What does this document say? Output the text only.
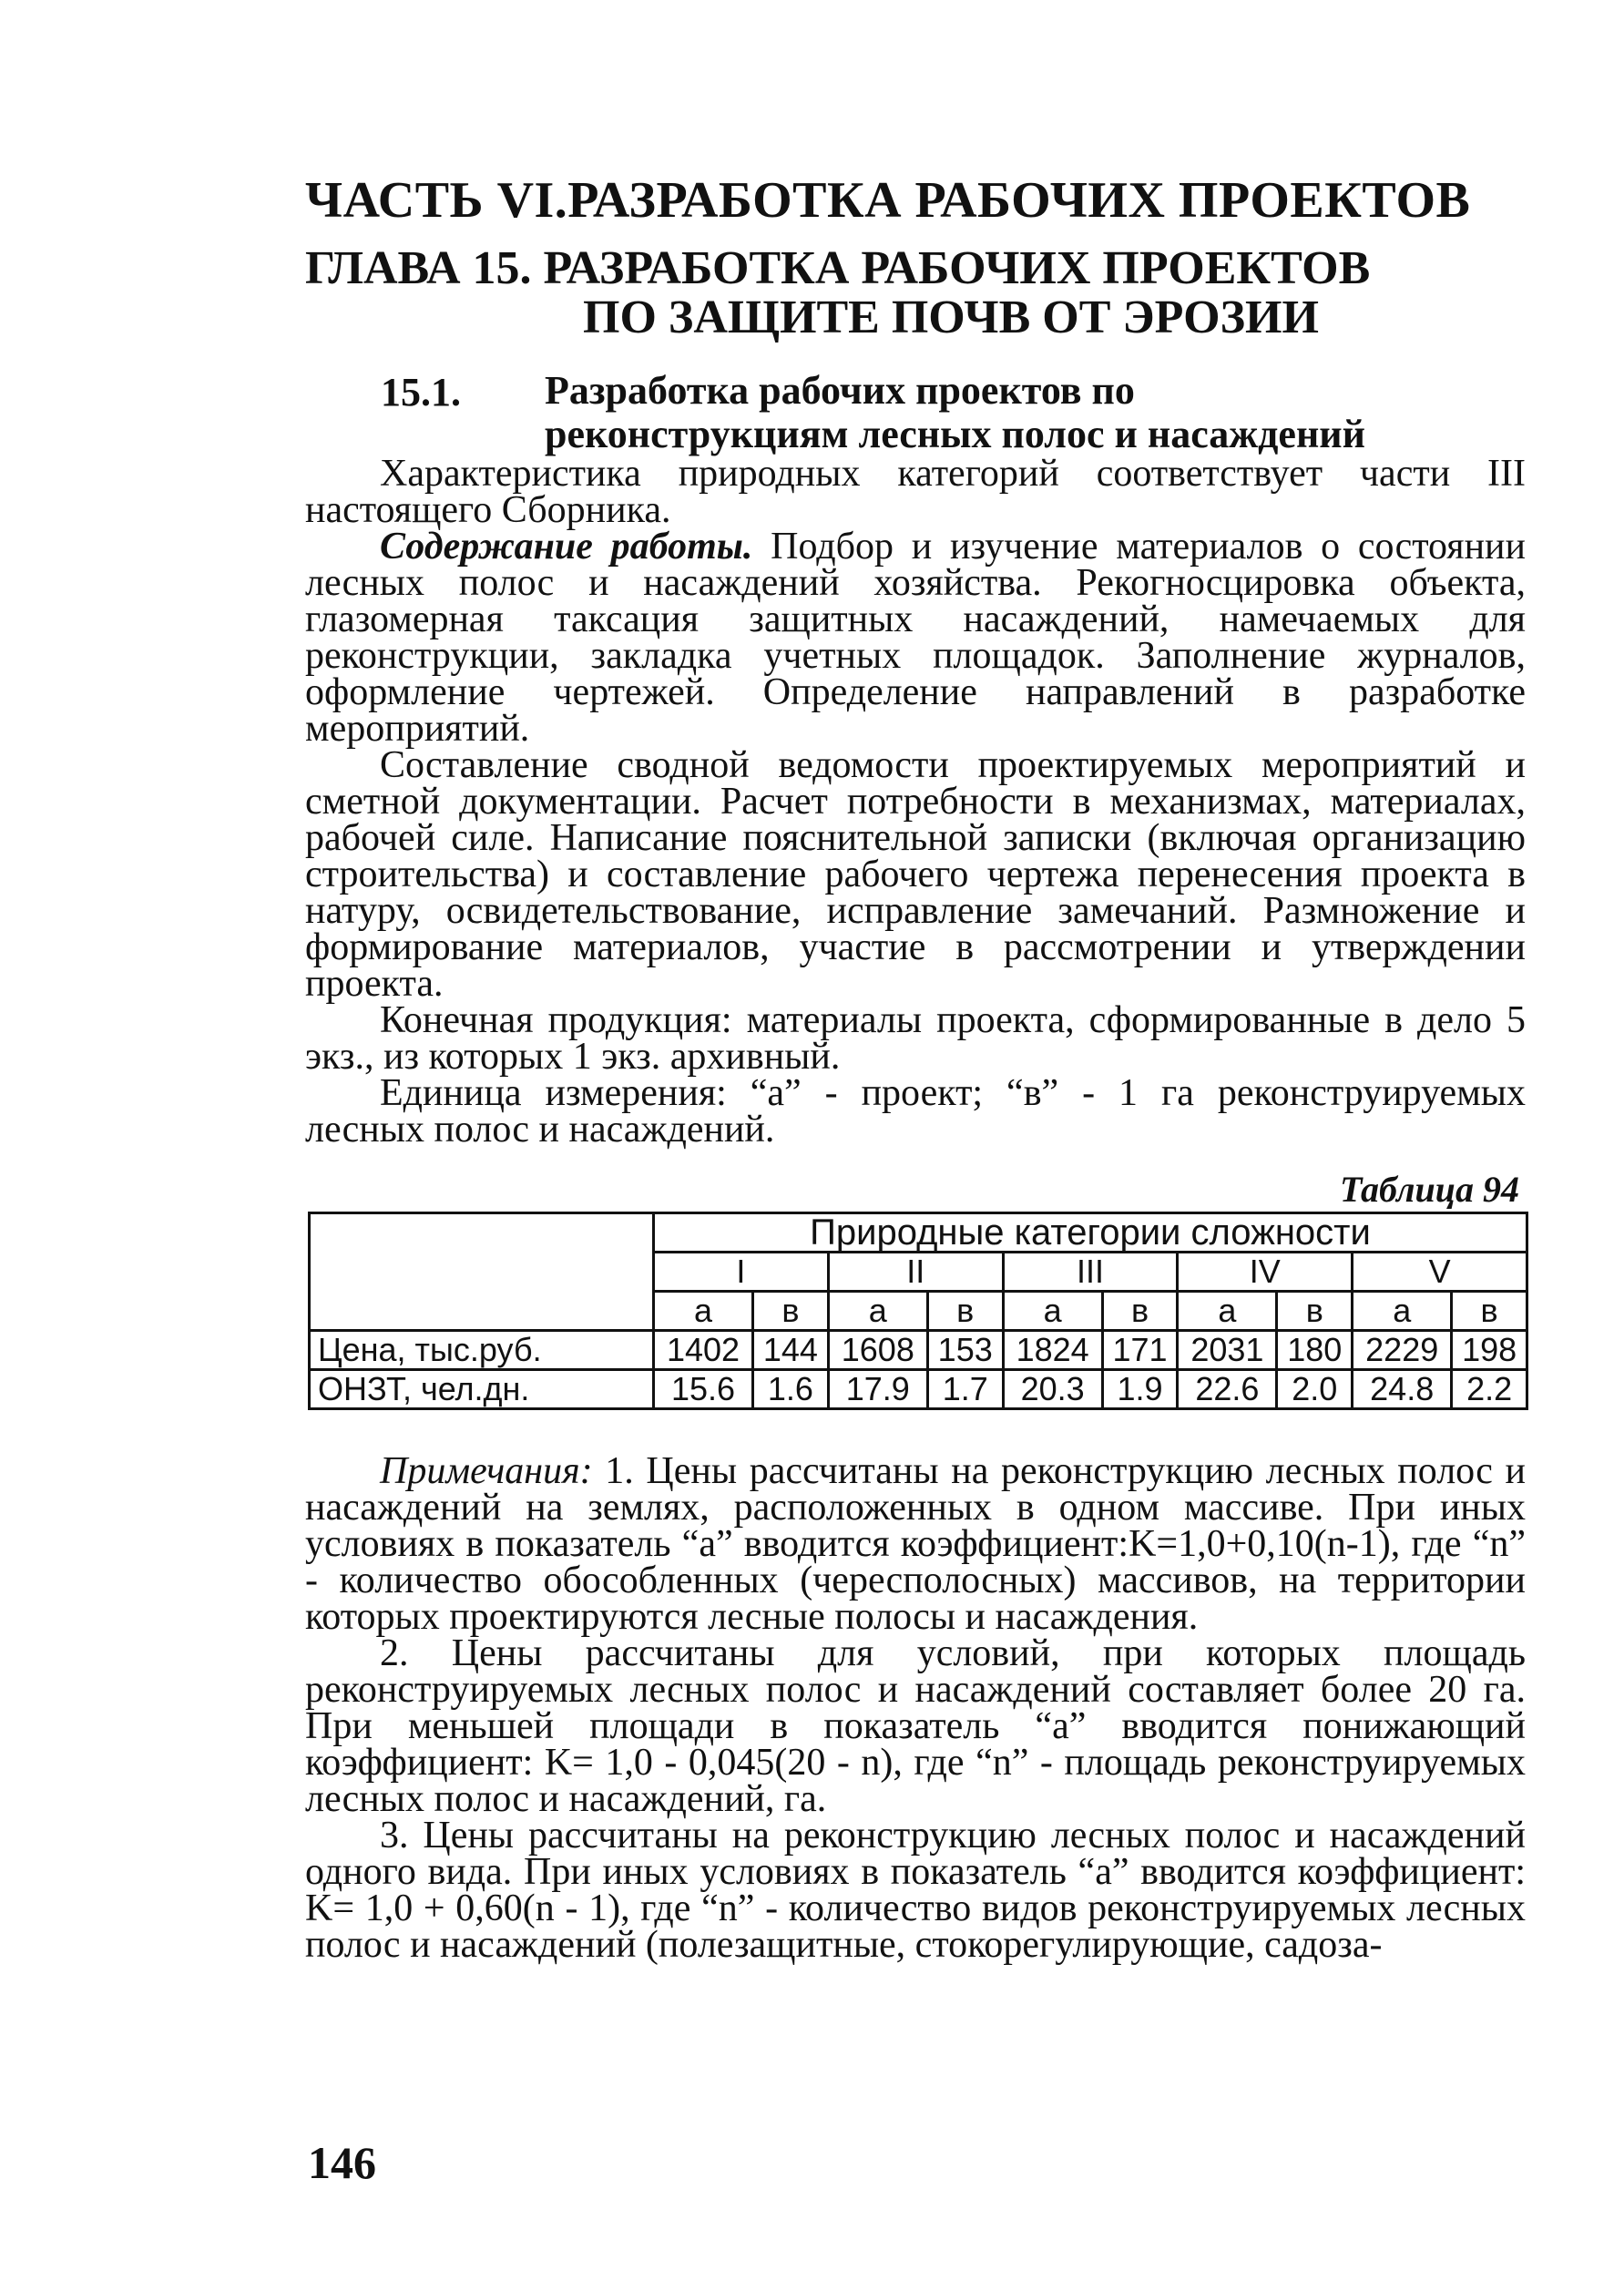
ЧАСТЬ VI.РАЗРАБОТКА РАБОЧИХ ПРОЕКТОВ
ГЛАВА 15. РАЗРАБОТКА РАБОЧИХ ПРОЕКТОВ
ПО ЗАЩИТЕ ПОЧВ ОТ ЭРОЗИИ
15.1. Разработка рабочих проектов по
реконструкциям лесных полос и насаждений

Характеристика природных категорий соответствует части III настоящего Сборника.

Содержание работы. Подбор и изучение материалов о состоянии лесных полос и насаждений хозяйства. Рекогносцировка объекта, глазомерная таксация защитных насаждений, намечаемых для реконструкции, закладка учетных площадок. Заполнение журналов, оформление чертежей. Определение направлений в разработке мероприятий.

Составление сводной ведомости проектируемых мероприятий и сметной документации. Расчет потребности в механизмах, материалах, рабочей силе. Написание пояснительной записки (включая организацию строительства) и составление рабочего чертежа перенесения проекта в натуру, освидетельствование, исправление замечаний. Размножение и формирование материалов, участие в рассмотрении и утверждении проекта.

Конечная продукция: материалы проекта, сформированные в дело 5 экз., из которых 1 экз. архивный.

Единица измерения: “а” - проект; “в” - 1 га реконструируемых лесных полос и насаждений.

Таблица 94
	Природные категории сложности									
	I		II		III		IV		V	
	а	в	а	в	а	в	а	в	а	в
Цена, тыс.руб.	1402	144	1608	153	1824	171	2031	180	2229	198
ОНЗТ, чел.дн.	15.6	1.6	17.9	1.7	20.3	1.9	22.6	2.0	24.8	2.2

Примечания: 1. Цены рассчитаны на реконструкцию лесных полос и насаждений на землях, расположенных в одном массиве. При иных условиях в показатель “а” вводится коэффициент:K=1,0+0,10(n-1), где “n” - количество обособленных (чересполосных) массивов, на территории которых проектируются лесные полосы и насаждения.

2. Цены рассчитаны для условий, при которых площадь реконструируемых лесных полос и насаждений составляет более 20 га. При меньшей площади в показатель “а” вводится понижающий коэффициент: K= 1,0 - 0,045(20 - n), где “n” - площадь реконструируемых лесных полос и насаждений, га.

3. Цены рассчитаны на реконструкцию лесных полос и насаждений одного вида. При иных условиях в показатель “а” вводится коэффициент: K= 1,0 + 0,60(n - 1), где “n” - количество видов реконструируемых лесных полос и насаждений (полезащитные, стокорегулирующие, садоза-

146
